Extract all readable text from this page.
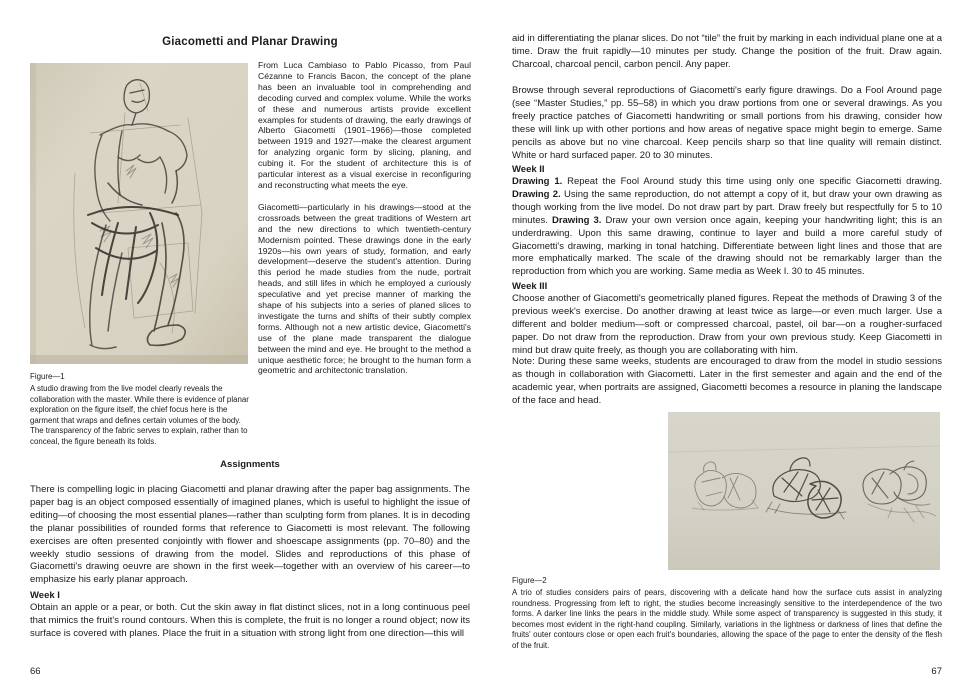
Giacometti and Planar Drawing

From Luca Cambiaso to Pablo Picasso, from Paul Cézanne to Francis Bacon, the concept of the plane has been an invaluable tool in comprehending and decoding curved and complex volume. While the works of these and numerous artists provide excellent examples for students of drawing, the early drawings of Alberto Giacometti (1901–1966)—those completed between 1919 and 1927—make the clearest argument for analyzing organic form by slicing, planing, and cubing it. For the student of architecture this is of particular interest as a visual exercise in reconfiguring and reconstructing what meets the eye.

Giacometti—particularly in his drawings—stood at the crossroads between the great traditions of Western art and the new directions to which twentieth-century Modernism pointed. These drawings done in the early 1920s—his own years of study, formation, and early development—deserve the student's attention. During this period he made studies from the nude, portrait heads, and still lifes in which he employed a curiously speculative and yet precise manner of marking the shape of his subjects into a series of planed slices to investigate the turns and shifts of their subtly complex forms. Although not a new artistic device, Giacometti's use of the plane made transparent the dialogue between the mind and eye. He brought to the method a unique aesthetic force; he brought to the human form a geometric and architectonic translation.

Figure—1
A studio drawing from the live model clearly reveals the collaboration with the master. While there is evidence of planar exploration on the figure itself, the chief focus here is the garment that wraps and defines certain volumes of the body. The transparency of the fabric serves to explain, rather than to conceal, the figure beneath its folds.
Assignments
There is compelling logic in placing Giacometti and planar drawing after the paper bag assignments. The paper bag is an object composed essentially of imagined planes, which is useful to highlight the issue of editing—of choosing the most essential planes—rather than sculpting form from planes. It is in decoding the planar possibilities of rounded forms that reference to Giacometti is most relevant. The following exercises are often presented conjointly with flower and shoescape assignments (pp. 70–80) and the weekly studio sessions of drawing from the model. Slides and reproductions of this phase of Giacometti's drawing oeuvre are shown in the first week—together with an overview of his career—to emphasize his early planar approach.
Week I
Obtain an apple or a pear, or both. Cut the skin away in flat distinct slices, not in a long continuous peel that mimics the fruit's round contours. When this is complete, the fruit is no longer a round object; now its surface is covered with planes. Place the fruit in a situation with strong light from one direction—this will
66
aid in differentiating the planar slices. Do not “tile” the fruit by marking in each individual plane one at a time. Draw the fruit rapidly—10 minutes per study. Change the position of the fruit. Draw again. Charcoal, charcoal pencil, carbon pencil. Any paper.
Browse through several reproductions of Giacometti's early figure drawings. Do a Fool Around page (see “Master Studies,” pp. 55–58) in which you draw portions from one or several drawings. As you freely practice patches of Giacometti handwriting or small portions from his drawing, consider how these will link up with other portions and how areas of negative space might begin to emerge. Same pencils as above but no vine charcoal. Keep pencils sharp so that line quality will remain distinct. White or hard surfaced paper. 20 to 30 minutes.
Week II
Drawing 1. Repeat the Fool Around study this time using only one specific Giacometti drawing. Drawing 2. Using the same reproduction, do not attempt a copy of it, but draw your own drawing as though working from the live model. Do not draw part by part. Draw freely but respectfully for 5 to 10 minutes. Drawing 3. Draw your own version once again, keeping your handwriting light; this is an underdrawing. Upon this same drawing, continue to layer and build a more careful study of Giacometti's drawing, marking in tonal hatching. Differentiate between light lines and those that are more emphatically marked. The scale of the drawing should not be remarkably larger than the reproduction from which you are working. Same media as Week I. 30 to 45 minutes.
Week III
Choose another of Giacometti's geometrically planed figures. Repeat the methods of Drawing 3 of the previous week's exercise. Do another drawing at least twice as large—or even much larger. Use a different and bolder medium—soft or compressed charcoal, pastel, oil bar—on a rougher-surfaced paper. Do not draw from the reproduction. Draw from your own previous study. Keep Giacometti in mind but draw quite freely, as though you are collaborating with him.
Note: During these same weeks, students are encouraged to draw from the model in studio sessions as though in collaboration with Giacometti. Later in the first semester and again and the end of the academic year, when portraits are assigned, Giacometti becomes a resource in planing the landscape of the face and head.
Figure—2
A trio of studies considers pairs of pears, discovering with a delicate hand how the surface cuts assist in analyzing roundness. Progressing from left to right, the studies become increasingly sensitive to the interdependence of the two forms. A darker line links the pears in the middle study. While some aspect of transparency is suggested in this study, it becomes most evident in the right-hand coupling. Similarly, variations in the lightness or darkness of lines that define the fruits' outer contours close or open each fruit's boundaries, allowing the space of the page to enter the density of the flesh of the fruit.
67
